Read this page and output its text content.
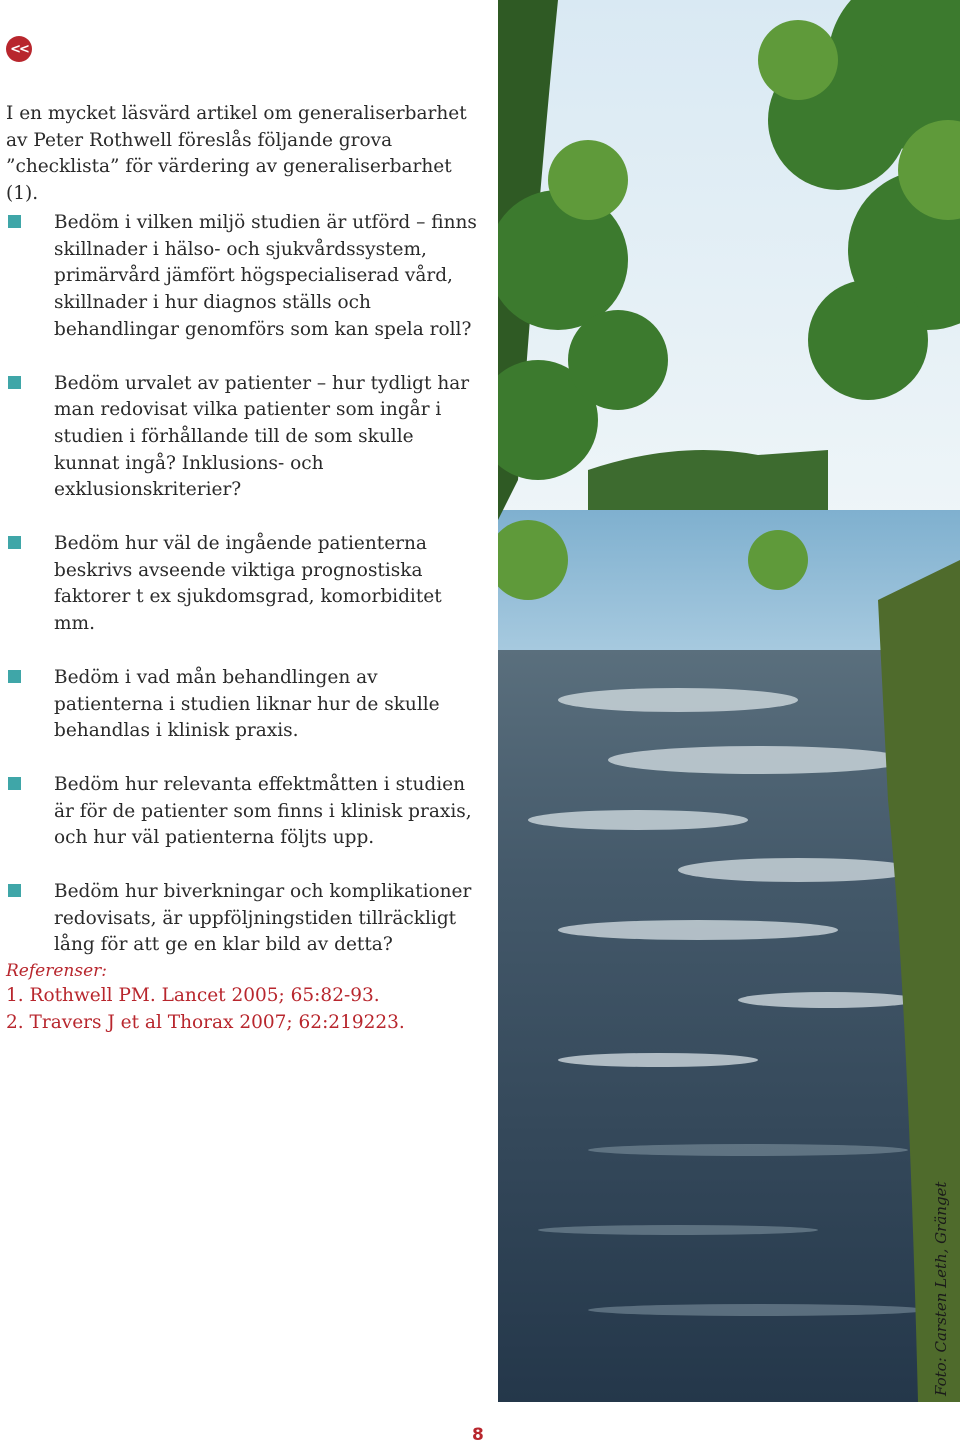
<<

I en mycket läsvärd artikel om generaliserbarhet av Peter Rothwell föreslås följande grova ”checklista” för värdering av generaliserbarhet (1).

Bedöm i vilken miljö studien är utförd – finns skillnader i hälso- och sjukvårdssystem, primärvård jämfört högspecialiserad vård, skillnader i hur diagnos ställs och behandlingar genomförs som kan spela roll?
Bedöm urvalet av patienter – hur tydligt har man redovisat vilka patienter som ingår i studien i förhållande till de som skulle kunnat ingå? Inklusions- och exklusionskriterier?
Bedöm hur väl de ingående patienterna beskrivs avseende viktiga prognostiska faktorer t ex sjukdomsgrad, komorbiditet mm.
Bedöm i vad mån behandlingen av patienterna i studien liknar hur de skulle behandlas i klinisk praxis.
Bedöm hur relevanta effektmåtten i studien är för de patienter som finns i klinisk praxis, och hur väl patienterna följts upp.
Bedöm hur biverkningar och komplikationer redovisats, är uppföljningstiden tillräckligt lång för att ge en klar bild av detta?
Referenser:
1. Rothwell PM. Lancet 2005; 65:82-93.
2. Travers J et al Thorax 2007; 62:219223.
Foto: Carsten Leth, Gränget
8
